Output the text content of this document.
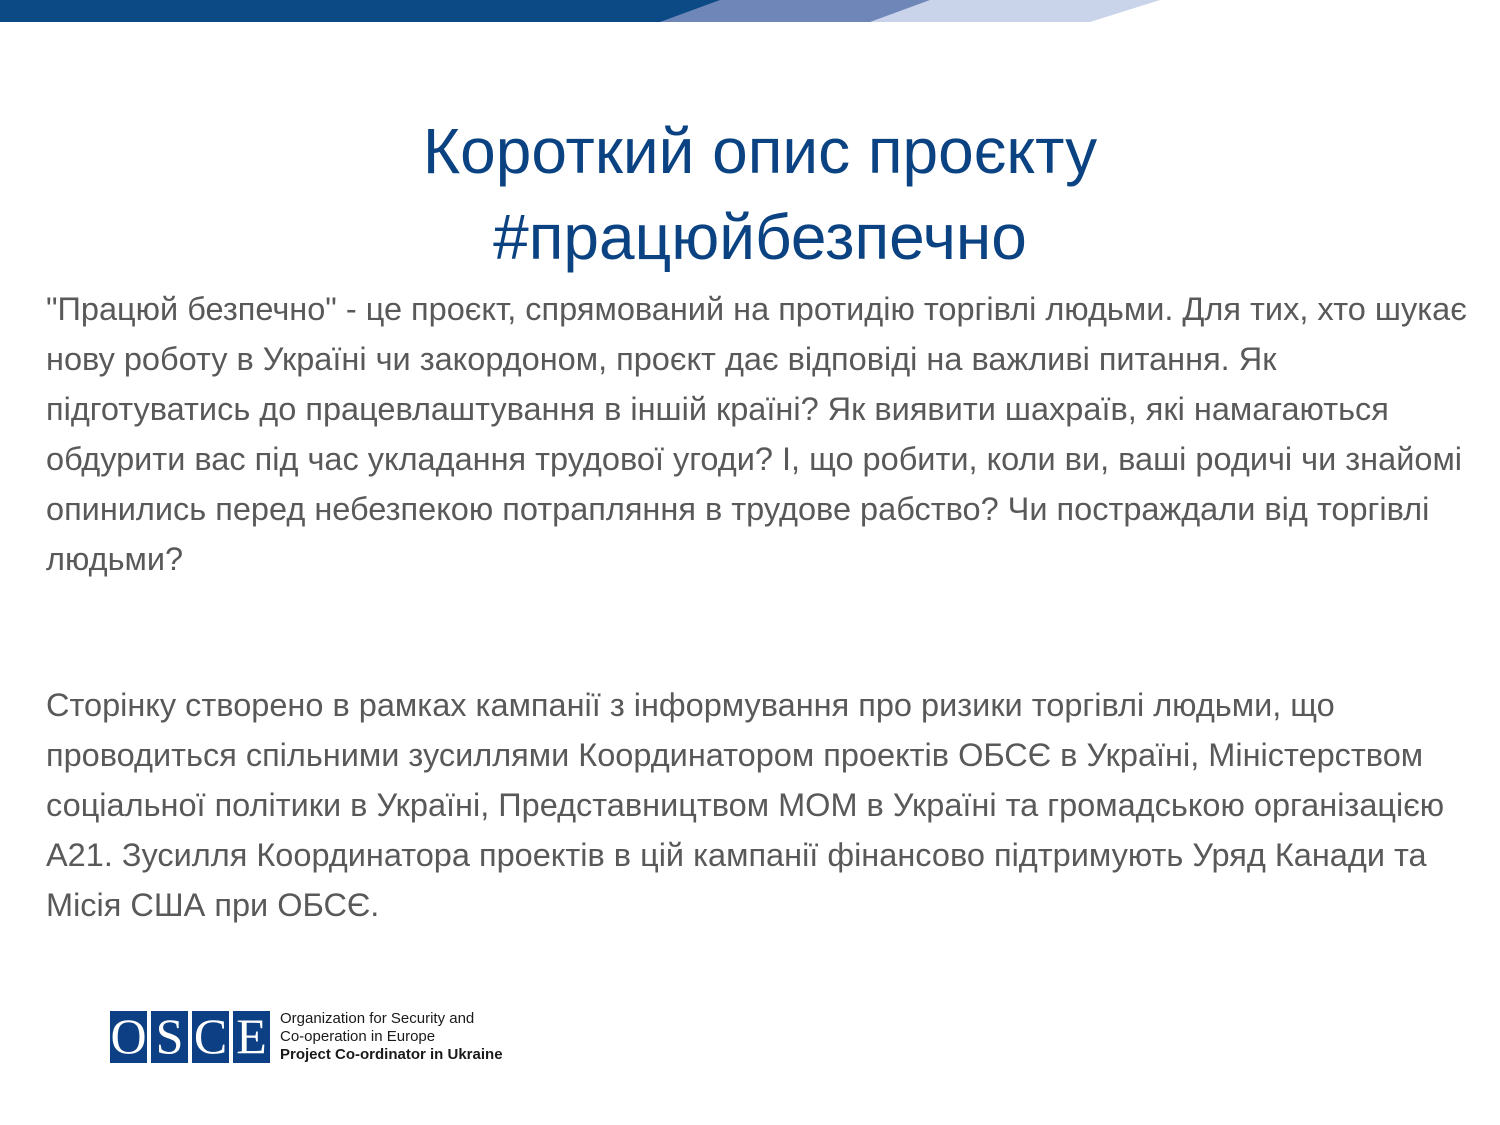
Короткий опис проєкту
#працюйбезпечно

"Працюй безпечно" - це проєкт, спрямований на протидію торгівлі людьми. Для тих, хто шукає нову роботу в Україні чи закордоном, проєкт дає відповіді на важливі питання. Як підготуватись до працевлаштування в іншій країні? Як виявити шахраїв, які намагаються обдурити вас під час укладання трудової угоди? І, що робити, коли ви, ваші родичі чи знайомі опинились перед небезпекою потрапляння в трудове рабство? Чи постраждали від торгівлі людьми?

Сторінку створено в рамках кампанії з інформування про ризики торгівлі людьми, що проводиться спільними зусиллями Координатором проектів ОБСЄ в Україні, Міністерством соціальної політики в Україні, Представництвом МОМ в Україні та громадською організацією А21. Зусилля Координатора проектів в цій кампанії фінансово підтримують Уряд Канади та Місія США при ОБСЄ.

O S C E Organization for Security and
Co-operation in Europe
Project Co-ordinator in Ukraine
